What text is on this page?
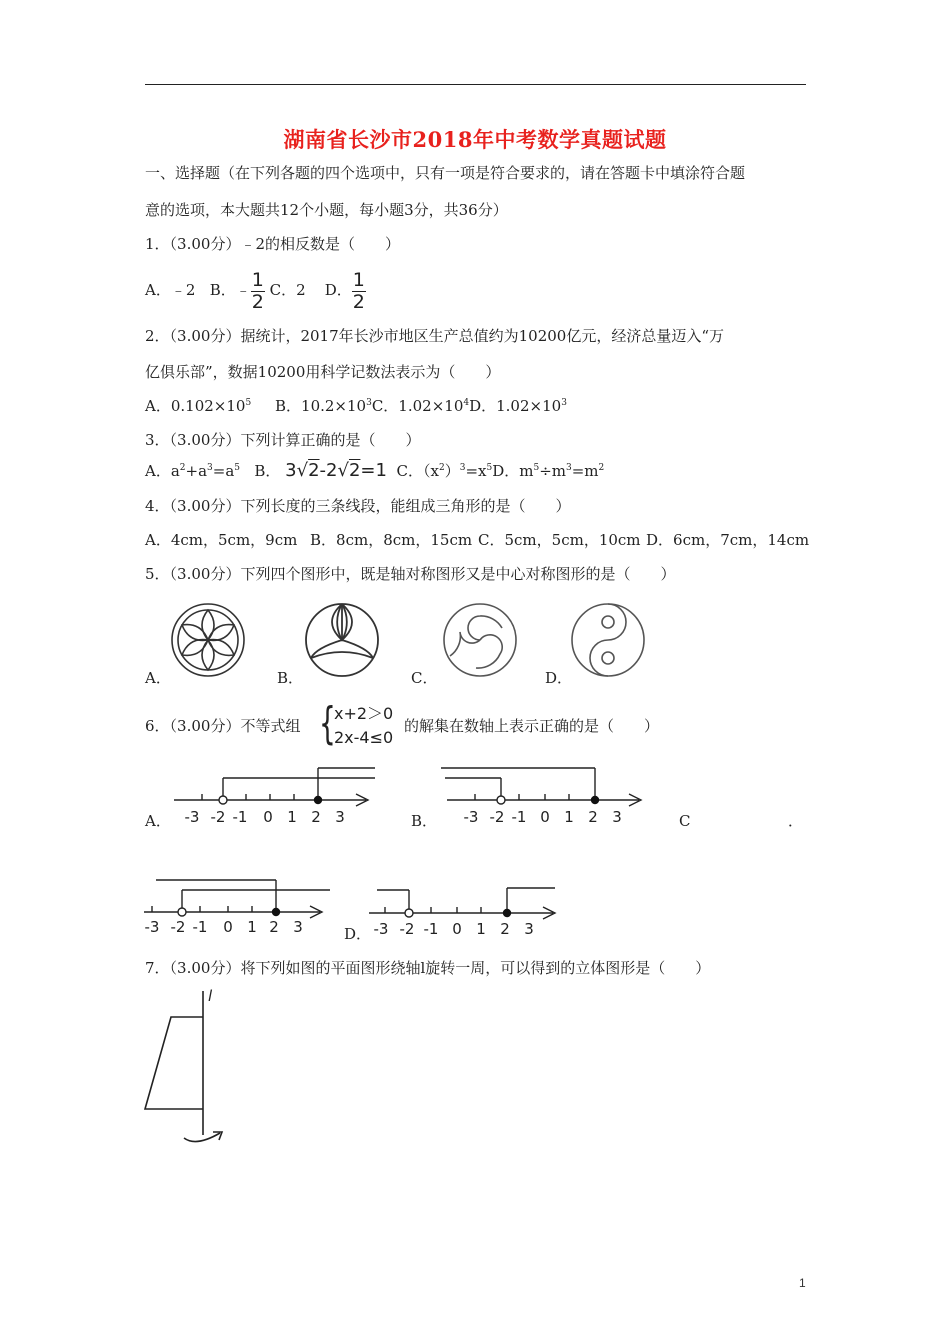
湖南省长沙市2018年中考数学真题试题
一、选择题（在下列各题的四个选项中，只有一项是符合要求的，请在答题卡中填涂符合题
意的选项，本大题共12个小题，每小题3分，共36分）
1．（3.00分）﹣2的相反数是（　　）
A．﹣2 B．﹣ $\frac{1}{2}$ C．2 D． $\frac{1}{2}$
2．（3.00分）据统计，2017年长沙市地区生产总值约为10200亿元，经济总量迈入“万
亿俱乐部”，数据10200用科学记数法表示为（　　）
A．$0.102\times 10^5$ B．$10.2\times 10^3C$．$1.02\times 10^4D$．$1.02\times 10^3$
3．（3.00分）下列计算正确的是（　　）
A．$a^2+a^3=a^5$ B． 3√2-2√2=1 C．$(x^2)^3=x^5D$．$m^5\div m^3=m^2$
4．（3.00分）下列长度的三条线段，能组成三角形的是（　　）
A．4cm，5cm，9cm B．8cm，8cm，15cm C．5cm，5cm，10cm D．6cm，7cm，14cm
5．（3.00分）下列四个图形中，既是轴对称图形又是中心对称图形的是（　　）
A．	B．	C．	D．
6．（3.00分）不等式组 {
x+2＞0
2x-4≤0
的解集在数轴上表示正确的是（　　）
A． -3 -2 -1 0 1 2 3	B． -3 -2 -1 0 1 2 3	C	．
-3 -2 -1 0 1 2 3	D． -3 -2 -1 0 1 2 3
7．（3.00分）将下列如图的平面图形绕轴l旋转一周，可以得到的立体图形是（　　）
l
1
